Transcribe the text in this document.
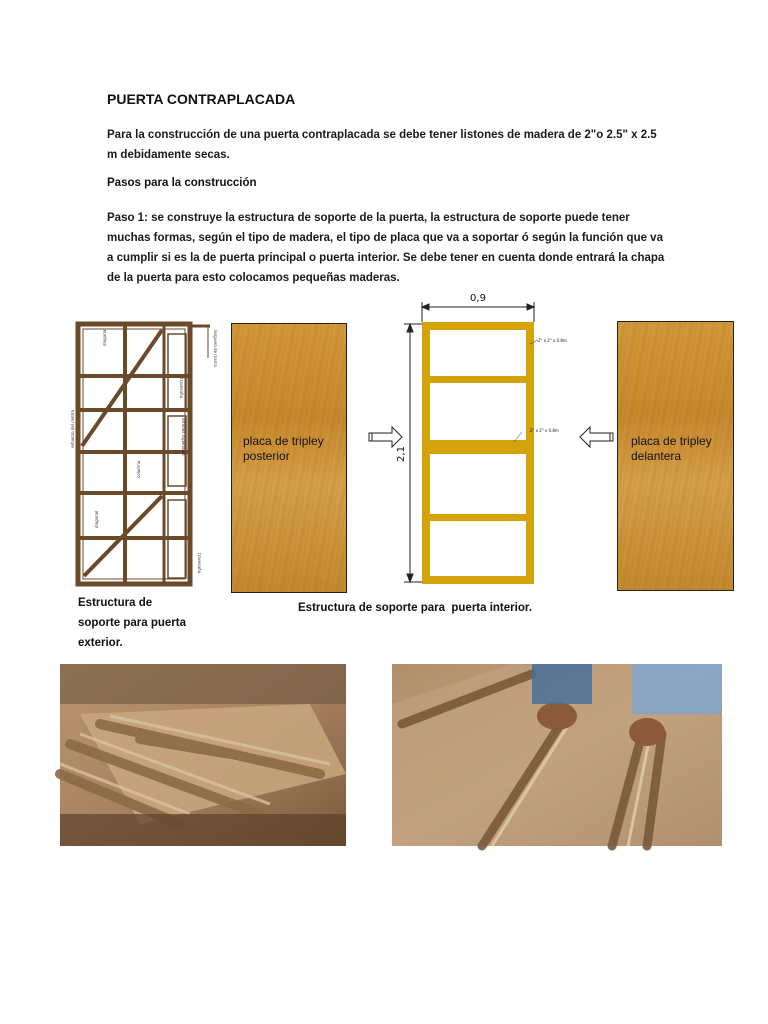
PUERTA CONTRAPLACADA
Para la construcción de una puerta contraplacada se debe tener listones de madera de 2"o 2.5" x 2.5 m debidamente secas.
Pasos para la construcción
Paso 1: se construye la estructura de soporte de la puerta, la estructura de soporte puede tener muchas formas, según el tipo de madera, el tipo de placa que va a soportar ó según la función que va a cumplir si es la de puerta principal o puerta interior. Se debe tener en cuenta donde entrará la chapa de la puerta para esto colocamos pequeñas maderas.
diagonal
diagonal
columna
listones superiores
travesaño
travesaño
refuerzo del centro
larguero de marco
placa de tripley
posterior
0,9
2,1
2" x 2" x 0.8m
2" x 2" x 0.8m
placa de tripley
delantera
Estructura de
soporte para puerta
exterior.
Estructura de soporte para  puerta interior.
